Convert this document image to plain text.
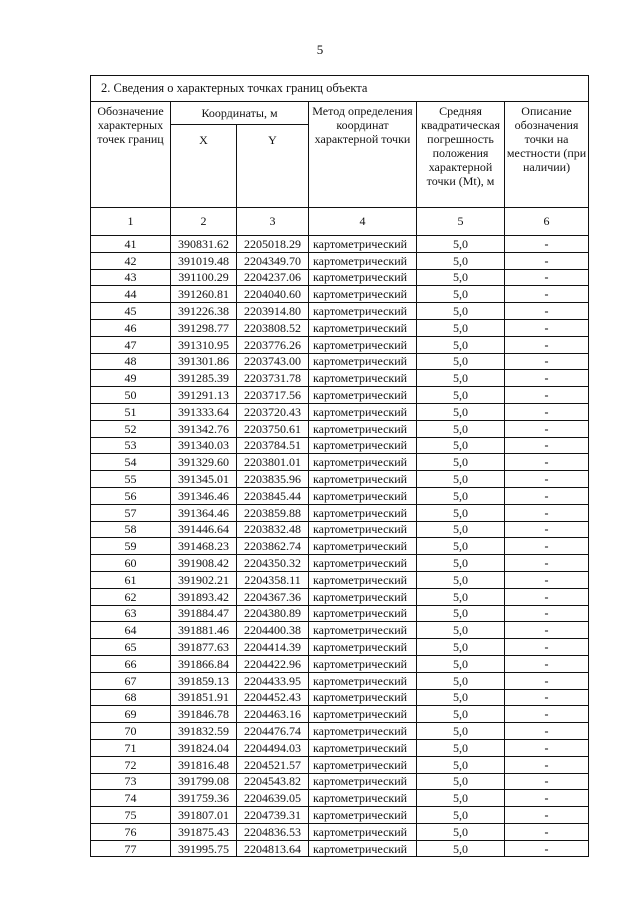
5
2. Сведения о характерных точках границ объекта					
Обозначение характерных точек границ	Координаты, м		Метод определения координат характерной точки	Средняя квадратическая погрешность положения характерной точки (Mt), м	Описание обозначения точки на местности (при наличии)
	X	Y			
1	2	3	4	5	6
41	390831.62	2205018.29	картометрический	5,0	-
42	391019.48	2204349.70	картометрический	5,0	-
43	391100.29	2204237.06	картометрический	5,0	-
44	391260.81	2204040.60	картометрический	5,0	-
45	391226.38	2203914.80	картометрический	5,0	-
46	391298.77	2203808.52	картометрический	5,0	-
47	391310.95	2203776.26	картометрический	5,0	-
48	391301.86	2203743.00	картометрический	5,0	-
49	391285.39	2203731.78	картометрический	5,0	-
50	391291.13	2203717.56	картометрический	5,0	-
51	391333.64	2203720.43	картометрический	5,0	-
52	391342.76	2203750.61	картометрический	5,0	-
53	391340.03	2203784.51	картометрический	5,0	-
54	391329.60	2203801.01	картометрический	5,0	-
55	391345.01	2203835.96	картометрический	5,0	-
56	391346.46	2203845.44	картометрический	5,0	-
57	391364.46	2203859.88	картометрический	5,0	-
58	391446.64	2203832.48	картометрический	5,0	-
59	391468.23	2203862.74	картометрический	5,0	-
60	391908.42	2204350.32	картометрический	5,0	-
61	391902.21	2204358.11	картометрический	5,0	-
62	391893.42	2204367.36	картометрический	5,0	-
63	391884.47	2204380.89	картометрический	5,0	-
64	391881.46	2204400.38	картометрический	5,0	-
65	391877.63	2204414.39	картометрический	5,0	-
66	391866.84	2204422.96	картометрический	5,0	-
67	391859.13	2204433.95	картометрический	5,0	-
68	391851.91	2204452.43	картометрический	5,0	-
69	391846.78	2204463.16	картометрический	5,0	-
70	391832.59	2204476.74	картометрический	5,0	-
71	391824.04	2204494.03	картометрический	5,0	-
72	391816.48	2204521.57	картометрический	5,0	-
73	391799.08	2204543.82	картометрический	5,0	-
74	391759.36	2204639.05	картометрический	5,0	-
75	391807.01	2204739.31	картометрический	5,0	-
76	391875.43	2204836.53	картометрический	5,0	-
77	391995.75	2204813.64	картометрический	5,0	-
